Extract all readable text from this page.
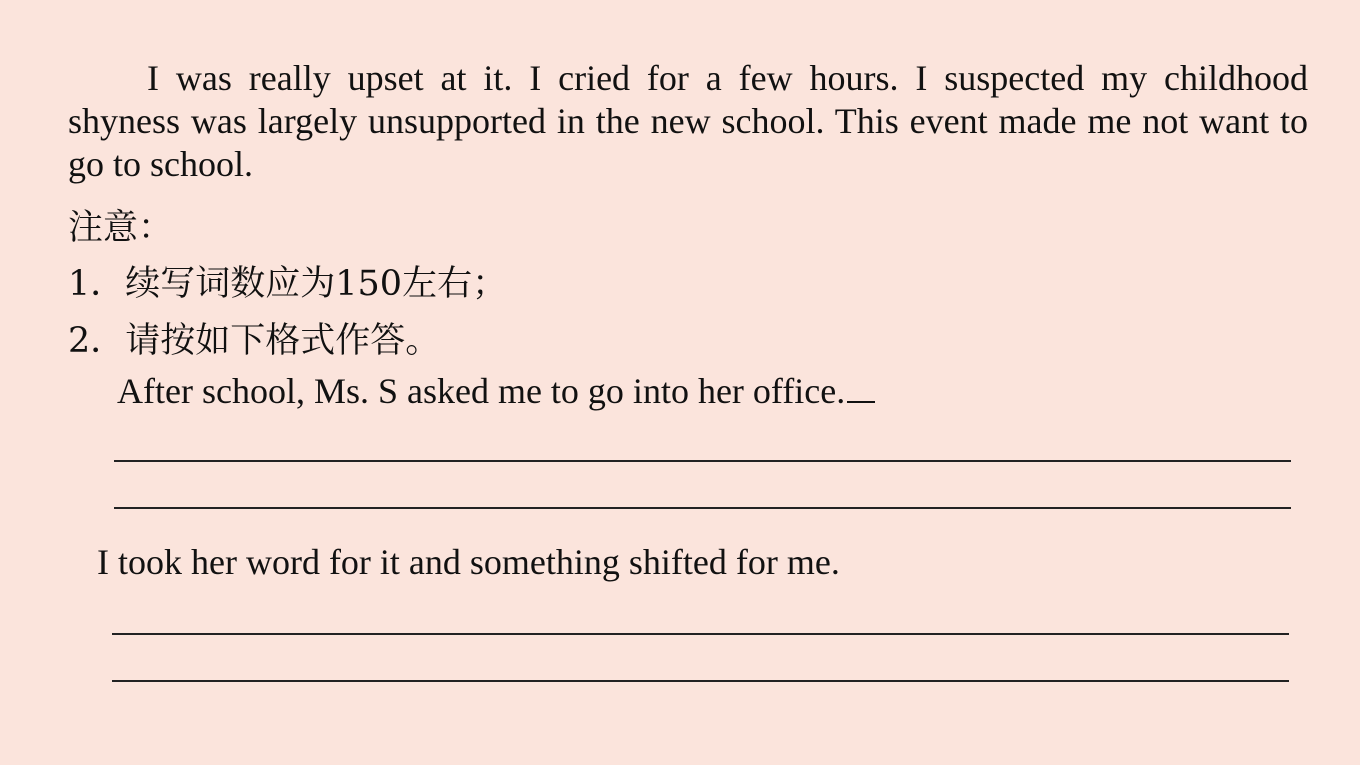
I was really upset at it. I cried for a few hours. I suspected my childhood shyness was largely unsupported in the new school. This event made me not want to go to school.

注意：

1．续写词数应为150左右；

2．请按如下格式作答。

After school, Ms. S asked me to go into her office.

I took her word for it and something shifted for me.
